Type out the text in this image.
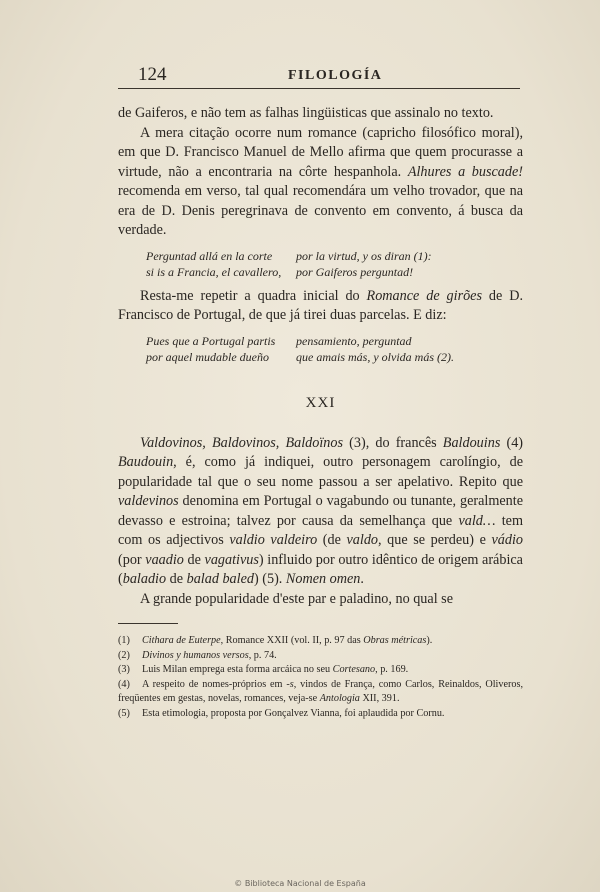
124	FILOLOGÍA

de Gaiferos, e não tem as falhas lingüisticas que assinalo no texto.

A mera citação ocorre num romance (capricho filosófico moral), em que D. Francisco Manuel de Mello afirma que quem procurasse a virtude, não a encontraria na côrte hespanhola. Alhures a buscade! recomenda em verso, tal qual recomendára um velho trovador, que na era de D. Denis peregrinava de convento em convento, á busca da verdade.

Perguntad allá en la corte	por la virtud, y os diran (1):
si is a Francia, el cavallero,	por Gaiferos perguntad!

Resta-me repetir a quadra inicial do Romance de girões de D. Francisco de Portugal, de que já tirei duas parcelas. E diz:

Pues que a Portugal partis	pensamiento, perguntad
por aquel mudable dueño	que amais más, y olvida más (2).
XXI

Valdovinos, Baldovinos, Baldoïnos (3), do francês Baldouins (4) Baudouin, é, como já indiquei, outro personagem carolíngio, de popularidade tal que o seu nome passou a ser apelativo. Repito que valdevinos denomina em Portugal o vagabundo ou tunante, geralmente devasso e estroina; talvez por causa da semelhança que vald… tem com os adjectivos valdio valdeiro (de valdo, que se perdeu) e vádio (por vaadio de vagativus) influido por outro idêntico de origem arábica (baladio de balad baled) (5). Nomen omen.

A grande popularidade d'este par e paladino, no qual se

(1) Cithara de Euterpe, Romance XXII (vol. II, p. 97 das Obras métricas).

(2) Divinos y humanos versos, p. 74.

(3) Luis Milan emprega esta forma arcáica no seu Cortesano, p. 169.

(4) A respeito de nomes-próprios em -s, vindos de França, como Carlos, Reinaldos, Oliveros, freqüentes em gestas, novelas, romances, veja-se Antologia XII, 391.

(5) Esta etimologia, proposta por Gonçalvez Vianna, foi aplaudida por Cornu.

© Biblioteca Nacional de España
